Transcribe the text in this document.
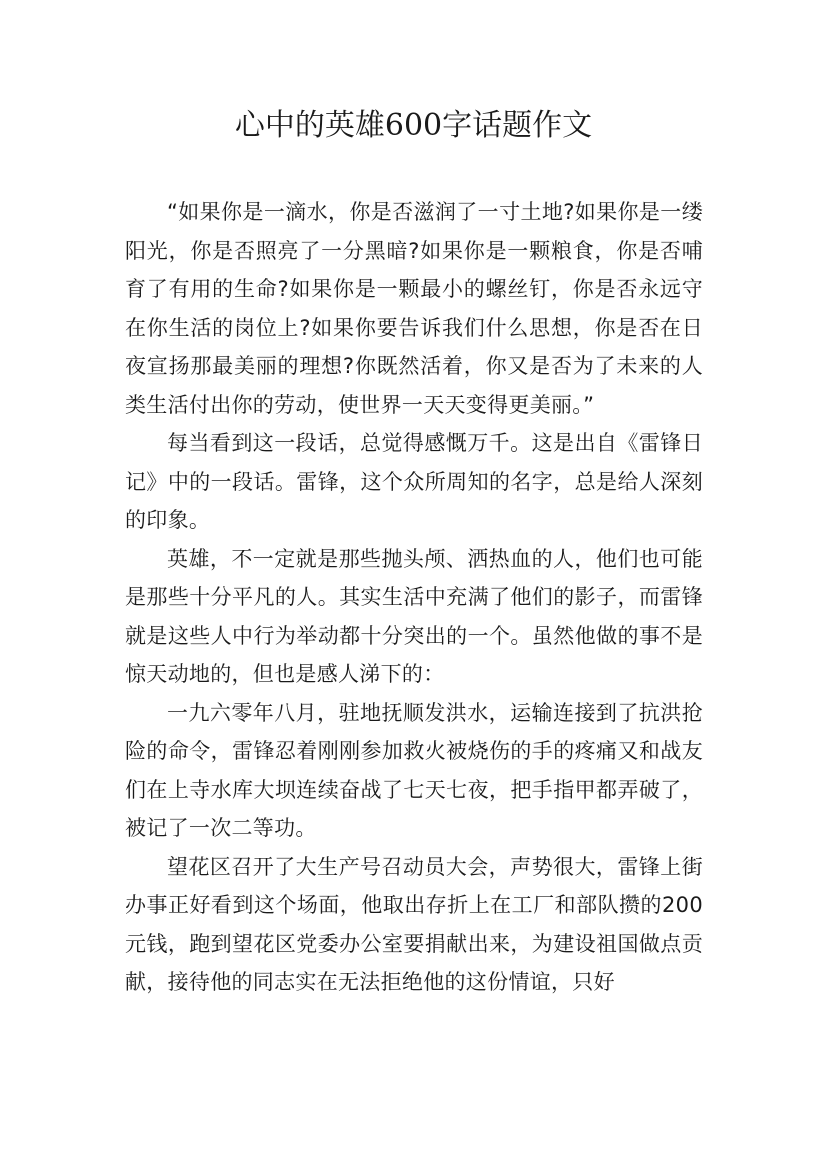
心中的英雄600字话题作文

“如果你是一滴水，你是否滋润了一寸土地?如果你是一缕阳光，你是否照亮了一分黑暗?如果你是一颗粮食，你是否哺育了有用的生命?如果你是一颗最小的螺丝钉，你是否永远守在你生活的岗位上?如果你要告诉我们什么思想，你是否在日夜宣扬那最美丽的理想?你既然活着，你又是否为了未来的人类生活付出你的劳动，使世界一天天变得更美丽。”

每当看到这一段话，总觉得感慨万千。这是出自《雷锋日记》中的一段话。雷锋，这个众所周知的名字，总是给人深刻的印象。

英雄，不一定就是那些抛头颅、洒热血的人，他们也可能是那些十分平凡的人。其实生活中充满了他们的影子，而雷锋就是这些人中行为举动都十分突出的一个。虽然他做的事不是惊天动地的，但也是感人涕下的：

一九六零年八月，驻地抚顺发洪水，运输连接到了抗洪抢险的命令，雷锋忍着刚刚参加救火被烧伤的手的疼痛又和战友们在上寺水库大坝连续奋战了七天七夜，把手指甲都弄破了，被记了一次二等功。

望花区召开了大生产号召动员大会，声势很大，雷锋上街办事正好看到这个场面，他取出存折上在工厂和部队攒的200元钱，跑到望花区党委办公室要捐献出来，为建设祖国做点贡献，接待他的同志实在无法拒绝他的这份情谊，只好
